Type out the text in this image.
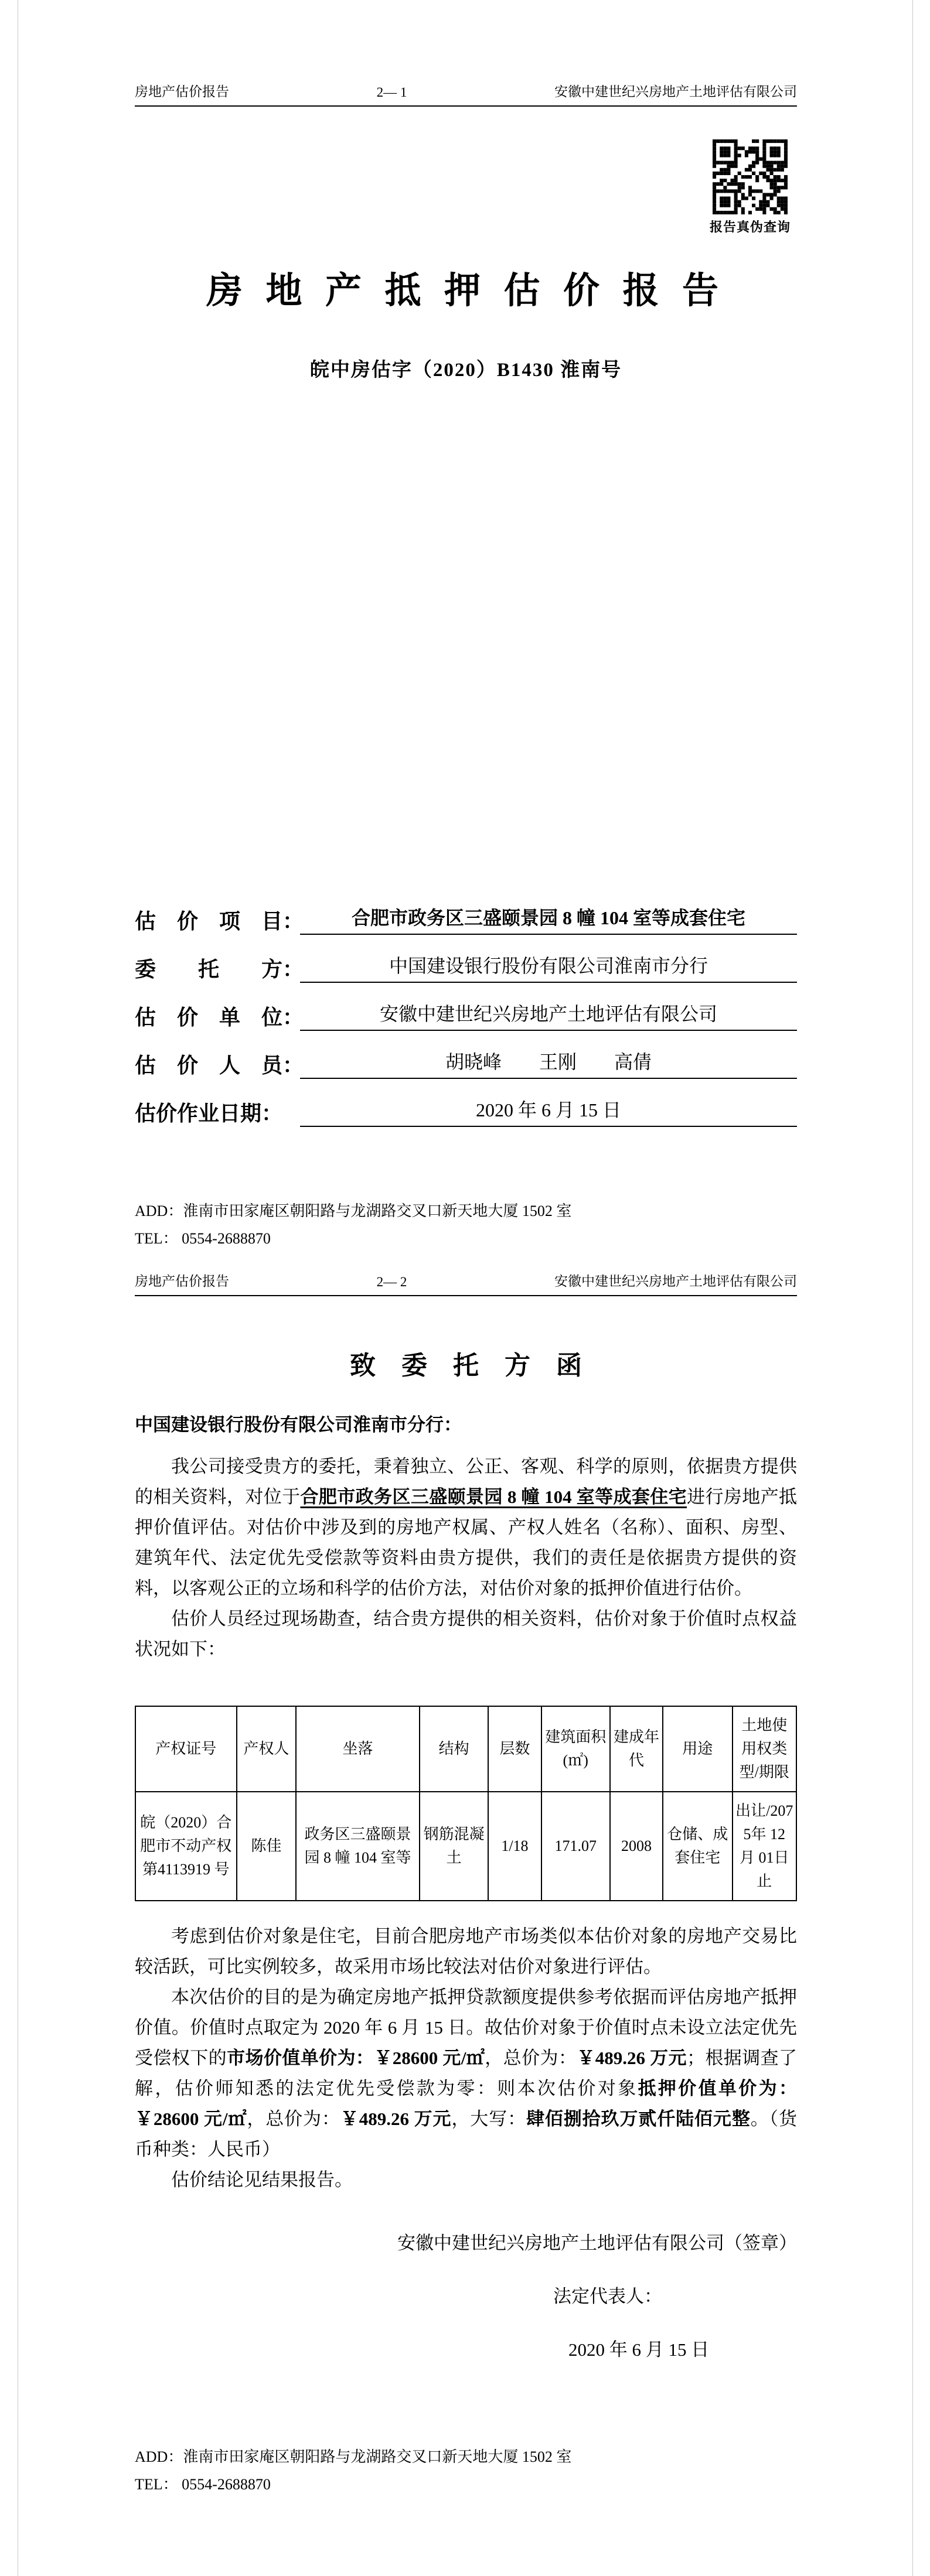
房地产估价报告	2— 1	安徽中建世纪兴房地产土地评估有限公司
报告真伪查询
房 地 产 抵 押 估 价 报 告
皖中房估字（2020）B1430 淮南号
估　价　项　目：	合肥市政务区三盛颐景园 8 幢 104 室等成套住宅
委　　托　　方：	中国建设银行股份有限公司淮南市分行
估　价　单　位：	安徽中建世纪兴房地产土地评估有限公司
估　价　人　员：	胡晓峰　　王刚　　高倩
估价作业日期：	2020 年 6 月 15 日
ADD：淮南市田家庵区朝阳路与龙湖路交叉口新天地大厦 1502 室
TEL： 0554-2688870
房地产估价报告	2— 2	安徽中建世纪兴房地产土地评估有限公司
致　委　托　方　函
中国建设银行股份有限公司淮南市分行：

我公司接受贵方的委托，秉着独立、公正、客观、科学的原则，依据贵方提供的相关资料，对位于合肥市政务区三盛颐景园 8 幢 104 室等成套住宅进行房地产抵押价值评估。对估价中涉及到的房地产权属、产权人姓名（名称）、面积、房型、建筑年代、法定优先受偿款等资料由贵方提供，我们的责任是依据贵方提供的资料，以客观公正的立场和科学的估价方法，对估价对象的抵押价值进行估价。

估价人员经过现场勘查，结合贵方提供的相关资料，估价对象于价值时点权益状况如下：

产权证号	产权人	坐落	结构	层数	建筑面积(㎡)	建成年代	用途	土地使用权类型/期限
皖（2020）合肥市不动产权第4113919 号	陈佳	政务区三盛颐景园 8 幢 104 室等	钢筋混凝土	1/18	171.07	2008	仓储、成套住宅	出让/2075年 12 月 01日止

考虑到估价对象是住宅，目前合肥房地产市场类似本估价对象的房地产交易比较活跃，可比实例较多，故采用市场比较法对估价对象进行评估。

本次估价的目的是为确定房地产抵押贷款额度提供参考依据而评估房地产抵押价值。价值时点取定为 2020 年 6 月 15 日。故估价对象于价值时点未设立法定优先受偿权下的市场价值单价为：￥28600 元/㎡，总价为：￥489.26 万元；根据调查了解，估价师知悉的法定优先受偿款为零：则本次估价对象抵押价值单价为：￥28600 元/㎡，总价为：￥489.26 万元，大写：肆佰捌拾玖万贰仟陆佰元整。（货币种类：人民币）

估价结论见结果报告。

安徽中建世纪兴房地产土地评估有限公司（签章）
法定代表人：
2020 年 6 月 15 日
ADD：淮南市田家庵区朝阳路与龙湖路交叉口新天地大厦 1502 室
TEL： 0554-2688870
